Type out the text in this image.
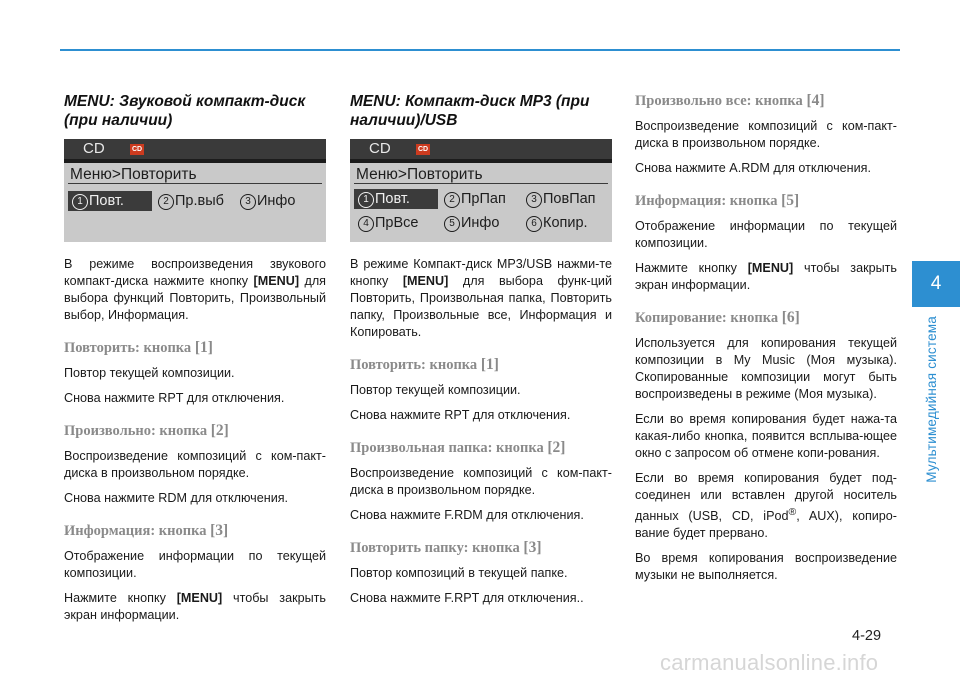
MENU: Звуковой компакт-диск (при наличии)
CD	CD
Меню>Повторить
1 Повт.	2 Пр.выб	3 Инфо

В режиме воспроизведения звукового компакт-диска нажмите кнопку [MENU] для выбора функций Повторить, Произвольный выбор, Информация.

Повторить: кнопка [1]

Повтор текущей композиции.

Снова нажмите RPT для отключения.

Произвольно: кнопка [2]

Воспроизведение композиций с ком-пакт-диска в произвольном порядке.

Снова нажмите RDM для отключения.

Информация: кнопка [3]

Отображение информации по текущей композиции.

Нажмите кнопку [MENU] чтобы закрыть экран информации.

MENU: Компакт-диск MP3 (при наличии)/USB
CD	CD
Меню>Повторить
1 Повт.	2 ПрПап	3 ПовПап
4 ПрВсе	5 Инфо	6 Копир.

В режиме Компакт-диск MP3/USB нажми-те кнопку [MENU] для выбора функ-ций Повторить, Произвольная папка, Повторить папку, Произвольные все, Информация и Копировать.

Повторить: кнопка [1]

Повтор текущей композиции.

Снова нажмите RPT для отключения.

Произвольная папка: кнопка [2]

Воспроизведение композиций с ком-пакт-диска в произвольном порядке.

Снова нажмите F.RDM для отключения.

Повторить папку: кнопка [3]

Повтор композиций в текущей папке.

Снова нажмите F.RPT для отключения..

Произвольно все: кнопка [4]

Воспроизведение композиций с ком-пакт-диска в произвольном порядке.

Снова нажмите A.RDM для отключения.

Информация: кнопка [5]

Отображение информации по текущей композиции.

Нажмите кнопку [MENU] чтобы закрыть экран информации.

Копирование: кнопка [6]

Используется для копирования текущей композиции в My Music (Моя музыка). Скопированные композиции могут быть воспроизведены в режиме (Моя музыка).

Если во время копирования будет нажа-та какая-либо кнопка, появится всплыва-ющее окно с запросом об отмене копи-рования.

Если во время копирования будет под-соединен или вставлен другой носитель данных (USB, CD, iPod®, AUX), копиро-вание будет прервано.

Во время копирования воспроизведение музыки не выполняется.

4
Мультимедийная система
4-29
carmanualsonline.info
